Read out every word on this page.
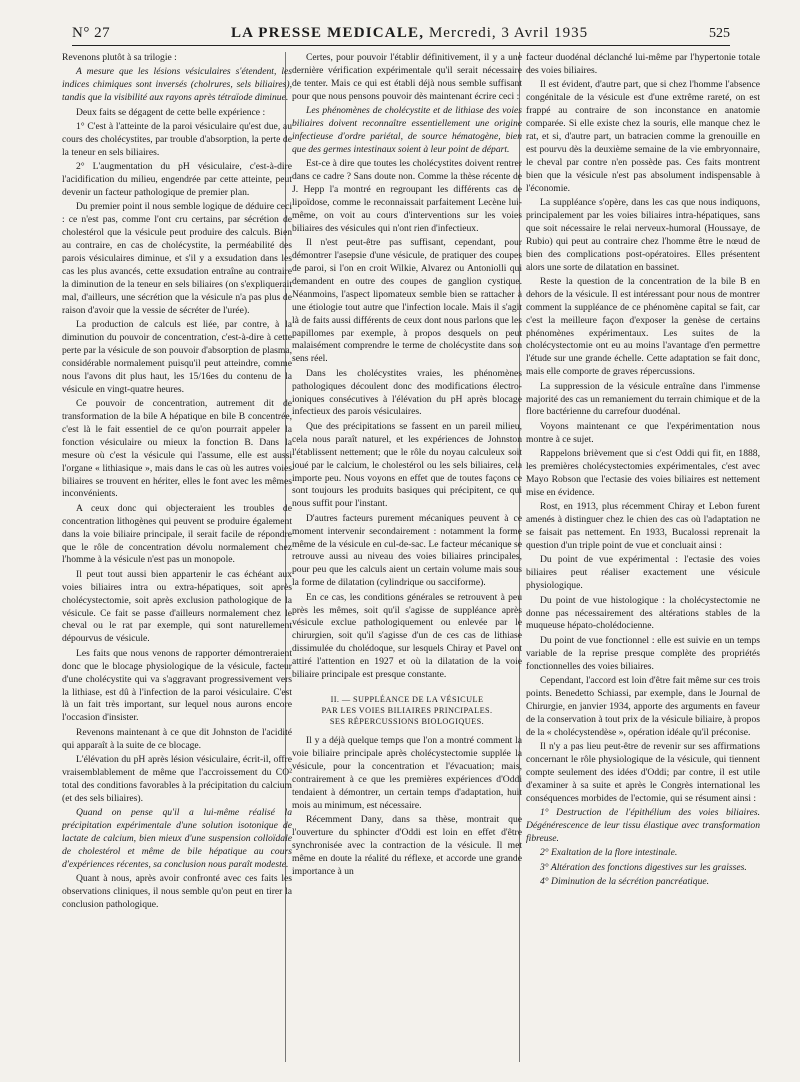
N° 27	LA PRESSE MEDICALE, Mercredi, 3 Avril 1935	525

Revenons plutôt à sa trilogie :

A mesure que les lésions vésiculaires s'étendent, les indices chimiques sont inversés (cholrures, sels biliaires), tandis que la visibilité aux rayons après tétraïode diminue.

Deux faits se dégagent de cette belle expérience :

1° C'est à l'atteinte de la paroi vésiculaire qu'est due, au cours des cholécystites, par trouble d'absorption, la perte de la teneur en sels biliaires.

2° L'augmentation du pH vésiculaire, c'est-à-dire l'acidification du milieu, engendrée par cette atteinte, peut devenir un facteur pathologique de premier plan.

Du premier point il nous semble logique de déduire ceci : ce n'est pas, comme l'ont cru certains, par sécrétion de cholestérol que la vésicule peut produire des calculs. Bien au contraire, en cas de cholécystite, la perméabilité des parois vésiculaires diminue, et s'il y a exsudation dans les cas les plus avancés, cette exsudation entraîne au contraire la diminution de la teneur en sels biliaires (on s'expliquerait mal, d'ailleurs, une sécrétion que la vésicule n'a pas plus de raison d'avoir que la vessie de sécréter de l'urée).

La production de calculs est liée, par contre, à la diminution du pouvoir de concentration, c'est-à-dire à cette perte par la vésicule de son pouvoir d'absorption de plasma, considérable normalement puisqu'il peut atteindre, comme nous l'avons dit plus haut, les 15/16es du contenu de la vésicule en vingt-quatre heures.

Ce pouvoir de concentration, autrement dit de transformation de la bile A hépatique en bile B concentrée, c'est là le fait essentiel de ce qu'on pourrait appeler la fonction vésiculaire ou mieux la fonction B. Dans la mesure où c'est la vésicule qui l'assume, elle est aussi l'organe « lithiasique », mais dans le cas où les autres voies biliaires se trouvent en hériter, elles le font avec les mêmes inconvénients.

A ceux donc qui objecteraient les troubles de concentration lithogènes qui peuvent se produire également dans la voie biliaire principale, il serait facile de répondre que le rôle de concentration dévolu normalement chez l'homme à la vésicule n'est pas un monopole.

Il peut tout aussi bien appartenir le cas échéant aux voies biliaires intra ou extra-hépatiques, soit après cholécystectomie, soit après exclusion pathologique de la vésicule. Ce fait se passe d'ailleurs normalement chez le cheval ou le rat par exemple, qui sont naturellement dépourvus de vésicule.

Les faits que nous venons de rapporter démontreraient donc que le blocage physiologique de la vésicule, facteur d'une cholécystite qui va s'aggravant progressivement vers la lithiase, est dû à l'infection de la paroi vésiculaire. C'est là un fait très important, sur lequel nous aurons encore l'occasion d'insister.

Revenons maintenant à ce que dit Johnston de l'acidité qui apparaît à la suite de ce blocage.

L'élévation du pH après lésion vésiculaire, écrit-il, offre vraisemblablement de même que l'accroissement du CO² total des conditions favorables à la précipitation du calcium (et des sels biliaires).

Quand on pense qu'il a lui-même réalisé la précipitation expérimentale d'une solution isotonique de lactate de calcium, bien mieux d'une suspension colloïdale de cholestérol et même de bile hépatique au cours d'expériences récentes, sa conclusion nous paraît modeste.

Quant à nous, après avoir confronté avec ces faits les observations cliniques, il nous semble qu'on peut en tirer la conclusion pathologique.

Certes, pour pouvoir l'établir définitivement, il y a une dernière vérification expérimentale qu'il serait nécessaire de tenter. Mais ce qui est établi déjà nous semble suffisant pour que nous pensons pouvoir dès maintenant écrire ceci :

Les phénomènes de cholécystite et de lithiase des voies biliaires doivent reconnaître essentiellement une origine infectieuse d'ordre pariétal, de source hématogène, bien que des germes intestinaux soient à leur point de départ.

Est-ce à dire que toutes les cholécystites doivent rentrer dans ce cadre ? Sans doute non. Comme la thèse récente de J. Hepp l'a montré en regroupant les différents cas de lipoïdose, comme le reconnaissait parfaitement Lecène lui-même, on voit au cours d'interventions sur les voies biliaires des vésicules qui n'ont rien d'infectieux.

Il n'est peut-être pas suffisant, cependant, pour démontrer l'asepsie d'une vésicule, de pratiquer des coupes de paroi, si l'on en croit Wilkie, Alvarez ou Antoniolli qui demandent en outre des coupes de ganglion cystique. Néanmoins, l'aspect lipomateux semble bien se rattacher à une étiologie tout autre que l'infection locale. Mais il s'agit là de faits aussi différents de ceux dont nous parlons que les papillomes par exemple, à propos desquels on peut malaisément comprendre le terme de cholécystite dans son sens réel.

Dans les cholécystites vraies, les phénomènes pathologiques découlent donc des modifications électro-ioniques consécutives à l'élévation du pH après blocage infectieux des parois vésiculaires.

Que des précipitations se fassent en un pareil milieu, cela nous paraît naturel, et les expériences de Johnston l'établissent nettement; que le rôle du noyau calculeux soit joué par le calcium, le cholestérol ou les sels biliaires, cela importe peu. Nous voyons en effet que de toutes façons ce sont toujours les produits basiques qui précipitent, ce qui nous suffit pour l'instant.

D'autres facteurs purement mécaniques peuvent à ce moment intervenir secondairement : notamment la forme même de la vésicule en cul-de-sac. Le facteur mécanique se retrouve aussi au niveau des voies biliaires principales, pour peu que les calculs aient un certain volume mais sous la forme de dilatation (cylindrique ou sacciforme).

En ce cas, les conditions générales se retrouvent à peu près les mêmes, soit qu'il s'agisse de suppléance après vésicule exclue pathologiquement ou enlevée par le chirurgien, soit qu'il s'agisse d'un de ces cas de lithiase dissimulée du cholédoque, sur lesquels Chiray et Pavel ont attiré l'attention en 1927 et où la dilatation de la voie biliaire principale est presque constante.

II. — SUPPLÉANCE DE LA VÉSICULE
PAR LES VOIES BILIAIRES PRINCIPALES.
SES RÉPERCUSSIONS BIOLOGIQUES.

Il y a déjà quelque temps que l'on a montré comment la voie biliaire principale après cholécystectomie supplée la vésicule, pour la concentration et l'évacuation; mais, contrairement à ce que les premières expériences d'Oddi tendaient à démontrer, un certain temps d'adaptation, huit mois au minimum, est nécessaire.

Récemment Dany, dans sa thèse, montrait que l'ouverture du sphincter d'Oddi est loin en effet d'être synchronisée avec la contraction de la vésicule. Il met même en doute la réalité du réflexe, et accorde une grande importance à un

facteur duodénal déclanché lui-même par l'hypertonie totale des voies biliaires.

Il est évident, d'autre part, que si chez l'homme l'absence congénitale de la vésicule est d'une extrême rareté, on est frappé au contraire de son inconstance en anatomie comparée. Si elle existe chez la souris, elle manque chez le rat, et si, d'autre part, un batracien comme la grenouille en est pourvu dès la deuxième semaine de la vie embryonnaire, le cheval par contre n'en possède pas. Ces faits montrent bien que la vésicule n'est pas absolument indispensable à l'économie.

La suppléance s'opère, dans les cas que nous indiquons, principalement par les voies biliaires intra-hépatiques, sans que soit nécessaire le relai nerveux-humoral (Houssaye, de Rubio) qui peut au contraire chez l'homme être le nœud de bien des complications post-opératoires. Elles présentent alors une sorte de dilatation en bassinet.

Reste la question de la concentration de la bile B en dehors de la vésicule. Il est intéressant pour nous de montrer comment la suppléance de ce phénomène capital se fait, car c'est la meilleure façon d'exposer la genèse de certains phénomènes expérimentaux. Les suites de la cholécystectomie ont eu au moins l'avantage d'en permettre l'étude sur une grande échelle. Cette adaptation se fait donc, mais elle comporte de graves répercussions.

La suppression de la vésicule entraîne dans l'immense majorité des cas un remaniement du terrain chimique et de la flore bactérienne du carrefour duodénal.

Voyons maintenant ce que l'expérimentation nous montre à ce sujet.

Rappelons brièvement que si c'est Oddi qui fit, en 1888, les premières cholécystectomies expérimentales, c'est avec Mayo Robson que l'ectasie des voies biliaires est nettement mise en évidence.

Rost, en 1913, plus récemment Chiray et Lebon furent amenés à distinguer chez le chien des cas où l'adaptation ne se faisait pas nettement. En 1933, Bucalossi reprenait la question d'un triple point de vue et concluait ainsi :

Du point de vue expérimental : l'ectasie des voies biliaires peut réaliser exactement une vésicule physiologique.

Du point de vue histologique : la cholécystectomie ne donne pas nécessairement des altérations stables de la muqueuse hépato-cholédocienne.

Du point de vue fonctionnel : elle est suivie en un temps variable de la reprise presque complète des propriétés fonctionnelles des voies biliaires.

Cependant, l'accord est loin d'être fait même sur ces trois points. Benedetto Schiassi, par exemple, dans le Journal de Chirurgie, en janvier 1934, apporte des arguments en faveur de la conservation à tout prix de la vésicule biliaire, à propos de la « cholécystendèse », opération idéale qu'il préconise.

Il n'y a pas lieu peut-être de revenir sur ses affirmations concernant le rôle physiologique de la vésicule, qui tiennent compte seulement des idées d'Oddi; par contre, il est utile d'examiner à sa suite et après le Congrès international les conséquences morbides de l'ectomie, qui se résument ainsi :

1° Destruction de l'épithélium des voies biliaires. Dégénérescence de leur tissu élastique avec transformation fibreuse.

2° Exaltation de la flore intestinale.

3° Altération des fonctions digestives sur les graisses.

4° Diminution de la sécrétion pancréatique.
